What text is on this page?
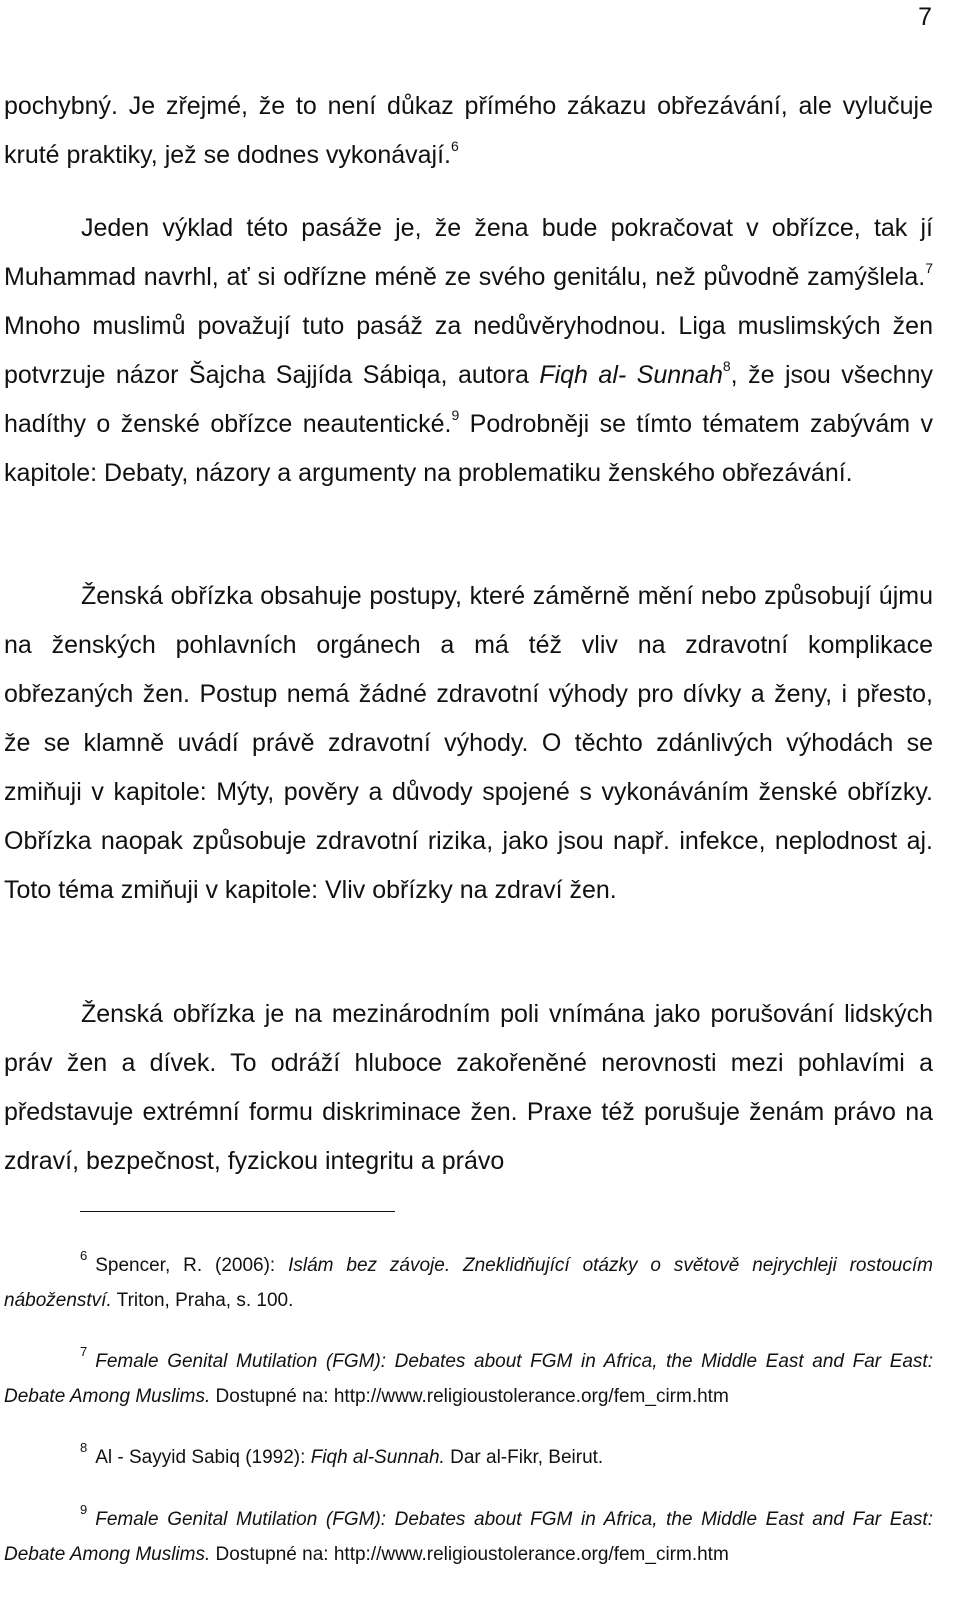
7

pochybný. Je zřejmé, že to není důkaz přímého zákazu obřezávání, ale vylučuje kruté praktiky, jež se dodnes vykonávají.$^6$

Jeden výklad této pasáže je, že žena bude pokračovat v obřízce, tak jí Muhammad navrhl, ať si odřízne méně ze svého genitálu, než původně zamýšlela.$^7$ Mnoho muslimů považují tuto pasáž za nedůvěryhodnou. Liga muslimských žen potvrzuje názor Šajcha Sajjída Sábiqa, autora Fiqh al- Sunnah$^8$, že jsou všechny hadíthy o ženské obřízce neautentické.$^9$ Podrobněji se tímto tématem zabývám v kapitole: Debaty, názory a argumenty na problematiku ženského obřezávání.

Ženská obřízka obsahuje postupy, které záměrně mění nebo způsobují újmu na ženských pohlavních orgánech a má též vliv na zdravotní komplikace obřezaných žen. Postup nemá žádné zdravotní výhody pro dívky a ženy, i přesto, že se klamně uvádí právě zdravotní výhody. O těchto zdánlivých výhodách se zmiňuji v kapitole: Mýty, pověry a důvody spojené s vykonáváním ženské obřízky. Obřízka naopak způsobuje zdravotní rizika, jako jsou např. infekce, neplodnost aj. Toto téma zmiňuji v kapitole: Vliv obřízky na zdraví žen.

Ženská obřízka je na mezinárodním poli vnímána jako porušování lidských práv žen a dívek. To odráží hluboce zakořeněné nerovnosti mezi pohlavími a představuje extrémní formu diskriminace žen. Praxe též porušuje ženám právo na zdraví, bezpečnost, fyzickou integritu a právo

$^6$ Spencer, R. (2006): Islám bez závoje. Zneklidňující otázky o světově nejrychleji rostoucím náboženství. Triton, Praha, s. 100.

$^7$ Female Genital Mutilation (FGM): Debates about FGM in Africa, the Middle East and Far East: Debate Among Muslims. Dostupné na: http://www.religioustolerance.org/fem_cirm.htm

$^8$ Al - Sayyid Sabiq (1992): Fiqh al-Sunnah. Dar al-Fikr, Beirut.

$^9$ Female Genital Mutilation (FGM): Debates about FGM in Africa, the Middle East and Far East: Debate Among Muslims. Dostupné na: http://www.religioustolerance.org/fem_cirm.htm
